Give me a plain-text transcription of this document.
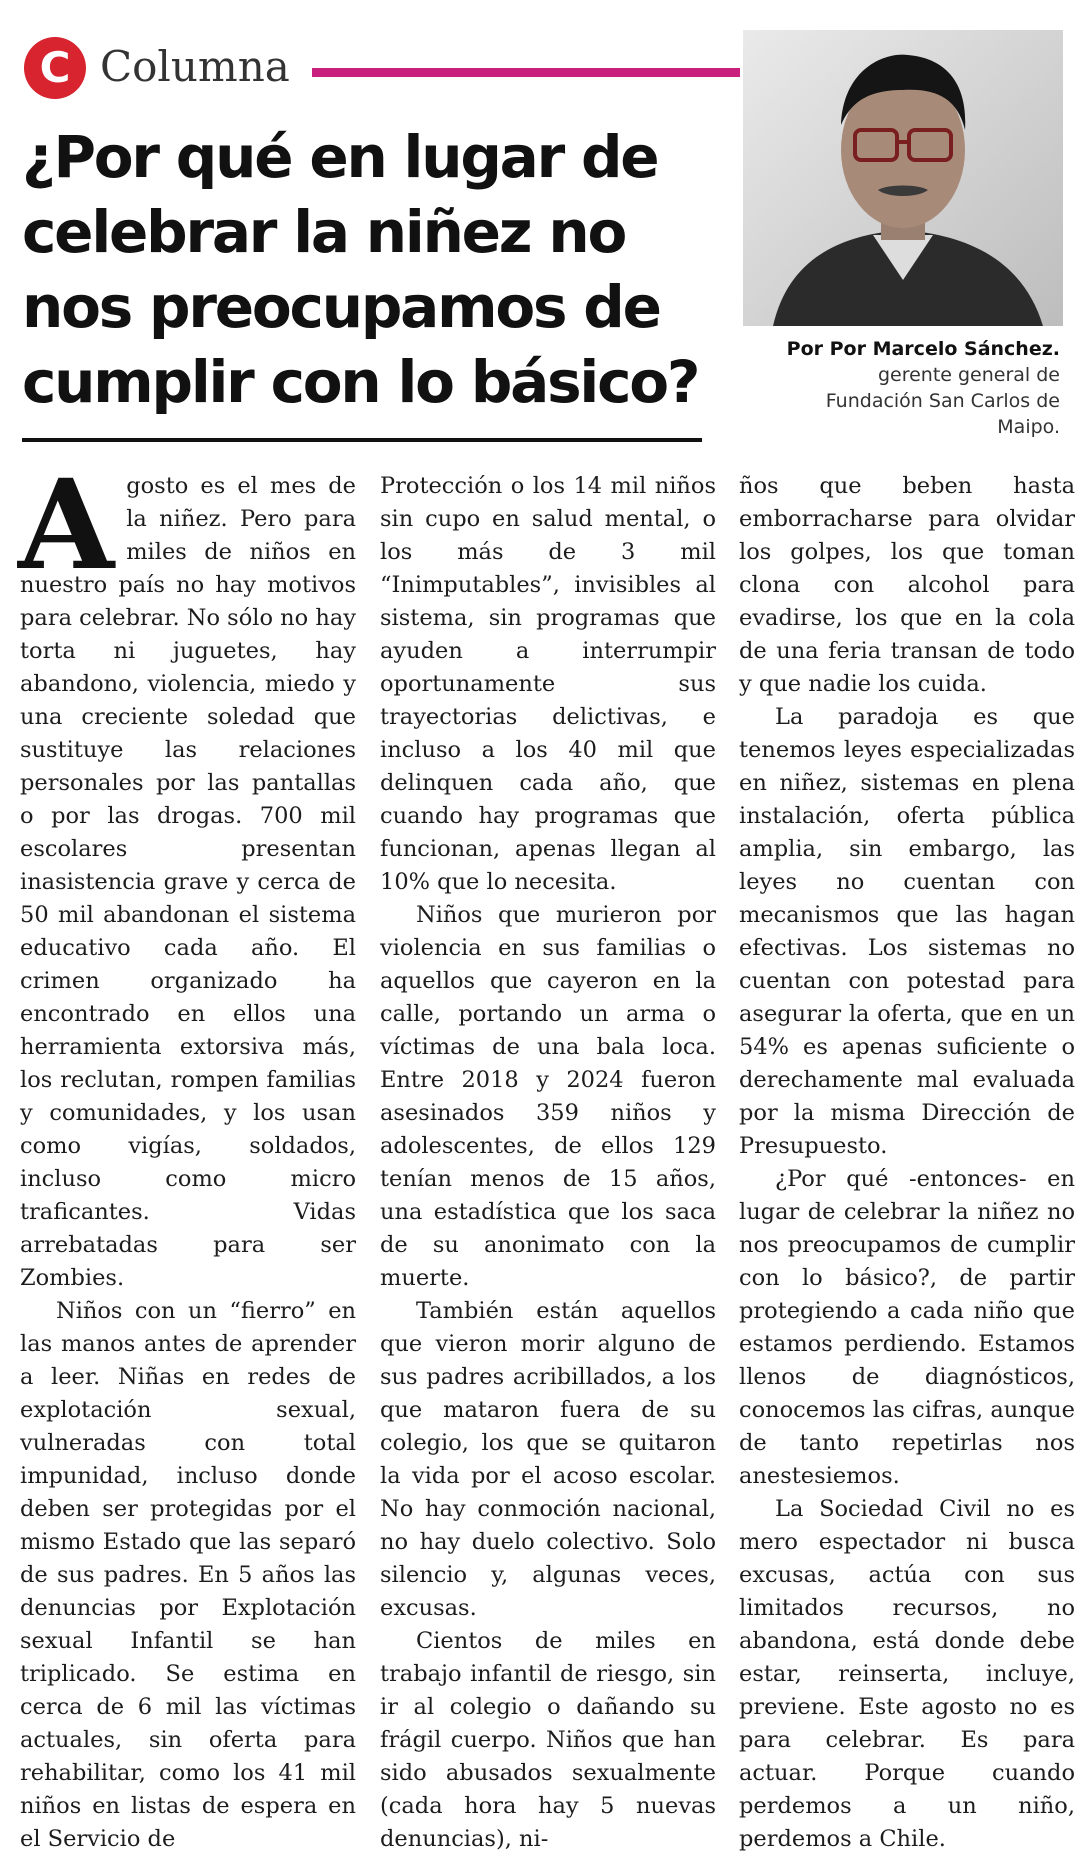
C Columna
¿Por qué en lugar de celebrar la niñez no nos preocupamos de cumplir con lo básico?	Por Por Marcelo Sánchez.
gerente general de
Fundación San Carlos de
Maipo.

Agosto es el mes de la niñez. Pero para miles de niños en nuestro país no hay motivos para celebrar. No sólo no hay torta ni juguetes, hay abandono, violencia, miedo y una creciente soledad que sustituye las relaciones personales por las pantallas o por las drogas. 700 mil escolares presentan inasistencia grave y cerca de 50 mil abandonan el sistema educativo cada año. El crimen organizado ha encontrado en ellos una herramienta extorsiva más, los reclutan, rompen familias y comunidades, y los usan como vigías, soldados, incluso como micro traficantes. Vidas arrebatadas para ser Zombies.

Niños con un “fierro” en las manos antes de aprender a leer. Niñas en redes de explotación sexual, vulneradas con total impunidad, incluso donde deben ser protegidas por el mismo Estado que las separó de sus padres. En 5 años las denuncias por Explotación sexual Infantil se han triplicado. Se estima en cerca de 6 mil las víctimas actuales, sin oferta para rehabilitar, como los 41 mil niños en listas de espera en el Servicio de

Protección o los 14 mil niños sin cupo en salud mental, o los más de 3 mil “Inimputables”, invisibles al sistema, sin programas que ayuden a interrumpir oportunamente sus trayectorias delictivas, e incluso a los 40 mil que delinquen cada año, que cuando hay programas que funcionan, apenas llegan al 10% que lo necesita.

Niños que murieron por violencia en sus familias o aquellos que cayeron en la calle, portando un arma o víctimas de una bala loca. Entre 2018 y 2024 fueron asesinados 359 niños y adolescentes, de ellos 129 tenían menos de 15 años, una estadística que los saca de su anonimato con la muerte.

También están aquellos que vieron morir alguno de sus padres acribillados, a los que mataron fuera de su colegio, los que se quitaron la vida por el acoso escolar. No hay conmoción nacional, no hay duelo colectivo. Solo silencio y, algunas veces, excusas.

Cientos de miles en trabajo infantil de riesgo, sin ir al colegio o dañando su frágil cuerpo. Niños que han sido abusados sexualmente (cada hora hay 5 nuevas denuncias), ni-

ños que beben hasta emborracharse para olvidar los golpes, los que toman clona con alcohol para evadirse, los que en la cola de una feria transan de todo y que nadie los cuida.

La paradoja es que tenemos leyes especializadas en niñez, sistemas en plena instalación, oferta pública amplia, sin embargo, las leyes no cuentan con mecanismos que las hagan efectivas. Los sistemas no cuentan con potestad para asegurar la oferta, que en un 54% es apenas suficiente o derechamente mal evaluada por la misma Dirección de Presupuesto.

¿Por qué -entonces- en lugar de celebrar la niñez no nos preocupamos de cumplir con lo básico?, de partir protegiendo a cada niño que estamos perdiendo. Estamos llenos de diagnósticos, conocemos las cifras, aunque de tanto repetirlas nos anestesiemos.

La Sociedad Civil no es mero espectador ni busca excusas, actúa con sus limitados recursos, no abandona, está donde debe estar, reinserta, incluye, previene. Este agosto no es para celebrar. Es para actuar. Porque cuando perdemos a un niño, perdemos a Chile.
